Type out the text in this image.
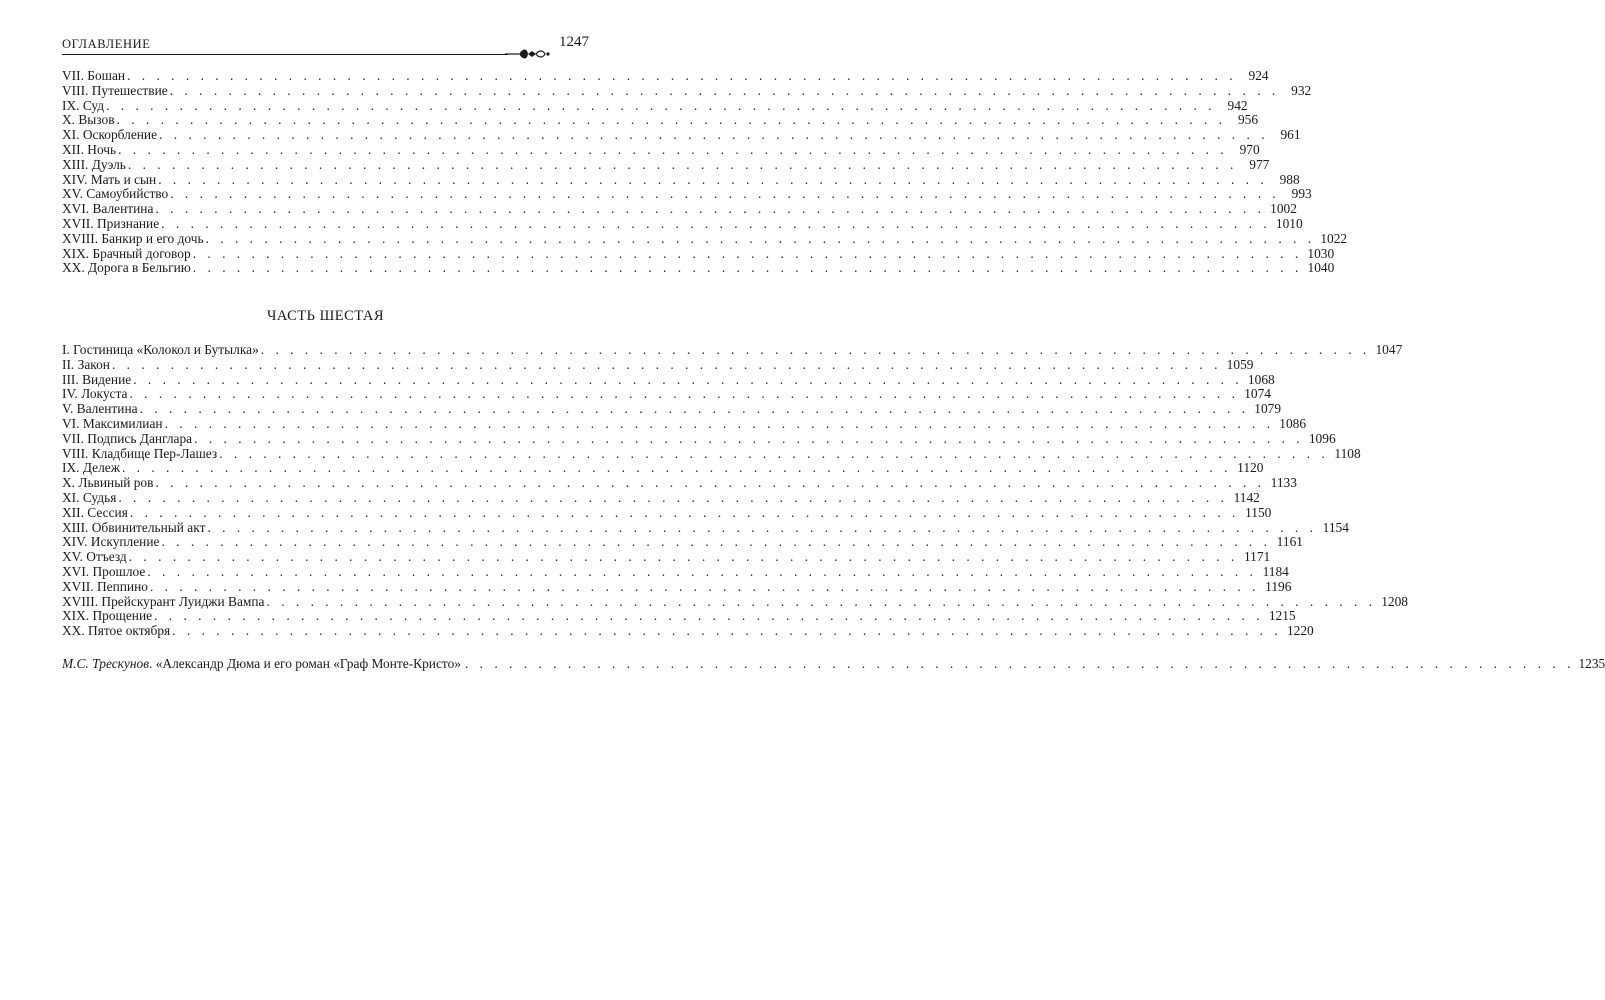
ОГЛАВЛЕНИЕ	1247
VII. Бошан . . . . . . . . . . . . . . . . . . . . . . . . . . . . . . . . . . . . . . . . . . . . . . . . . . . . . . . . . . . . . . . . . . . . . . . . . . . . 924
VIII. Путешествие . . . . . . . . . . . . . . . . . . . . . . . . . . . . . . . . . . . . . . . . . . . . . . . . . . . . . . . . . . . . . . . . . . . . . . . . . . . . 932
IX. Суд . . . . . . . . . . . . . . . . . . . . . . . . . . . . . . . . . . . . . . . . . . . . . . . . . . . . . . . . . . . . . . . . . . . . . . . . . . . . 942
X. Вызов . . . . . . . . . . . . . . . . . . . . . . . . . . . . . . . . . . . . . . . . . . . . . . . . . . . . . . . . . . . . . . . . . . . . . . . . . . . . 956
XI. Оскорбление . . . . . . . . . . . . . . . . . . . . . . . . . . . . . . . . . . . . . . . . . . . . . . . . . . . . . . . . . . . . . . . . . . . . . . . . . . . . 961
XII. Ночь . . . . . . . . . . . . . . . . . . . . . . . . . . . . . . . . . . . . . . . . . . . . . . . . . . . . . . . . . . . . . . . . . . . . . . . . . . . . 970
XIII. Дуэль . . . . . . . . . . . . . . . . . . . . . . . . . . . . . . . . . . . . . . . . . . . . . . . . . . . . . . . . . . . . . . . . . . . . . . . . . . . . 977
XIV. Мать и сын . . . . . . . . . . . . . . . . . . . . . . . . . . . . . . . . . . . . . . . . . . . . . . . . . . . . . . . . . . . . . . . . . . . . . . . . . . . . 988
XV. Самоубийство . . . . . . . . . . . . . . . . . . . . . . . . . . . . . . . . . . . . . . . . . . . . . . . . . . . . . . . . . . . . . . . . . . . . . . . . . . . . 993
XVI. Валентина . . . . . . . . . . . . . . . . . . . . . . . . . . . . . . . . . . . . . . . . . . . . . . . . . . . . . . . . . . . . . . . . . . . . . . . . . . . . 1002
XVII. Признание . . . . . . . . . . . . . . . . . . . . . . . . . . . . . . . . . . . . . . . . . . . . . . . . . . . . . . . . . . . . . . . . . . . . . . . . . . . . 1010
XVIII. Банкир и его дочь . . . . . . . . . . . . . . . . . . . . . . . . . . . . . . . . . . . . . . . . . . . . . . . . . . . . . . . . . . . . . . . . . . . . . . . . . . . . 1022
XIX. Брачный договор . . . . . . . . . . . . . . . . . . . . . . . . . . . . . . . . . . . . . . . . . . . . . . . . . . . . . . . . . . . . . . . . . . . . . . . . . . . . 1030
XX. Дорога в Бельгию . . . . . . . . . . . . . . . . . . . . . . . . . . . . . . . . . . . . . . . . . . . . . . . . . . . . . . . . . . . . . . . . . . . . . . . . . . . . 1040
ЧАСТЬ ШЕСТАЯ
I. Гостиница «Колокол и Бутылка» . . . . . . . . . . . . . . . . . . . . . . . . . . . . . . . . . . . . . . . . . . . . . . . . . . . . . . . . . . . . . . . . . . . . . . . . . . . . 1047
II. Закон . . . . . . . . . . . . . . . . . . . . . . . . . . . . . . . . . . . . . . . . . . . . . . . . . . . . . . . . . . . . . . . . . . . . . . . . . . . . 1059
III. Видение . . . . . . . . . . . . . . . . . . . . . . . . . . . . . . . . . . . . . . . . . . . . . . . . . . . . . . . . . . . . . . . . . . . . . . . . . . . . 1068
IV. Локуста . . . . . . . . . . . . . . . . . . . . . . . . . . . . . . . . . . . . . . . . . . . . . . . . . . . . . . . . . . . . . . . . . . . . . . . . . . . . 1074
V. Валентина . . . . . . . . . . . . . . . . . . . . . . . . . . . . . . . . . . . . . . . . . . . . . . . . . . . . . . . . . . . . . . . . . . . . . . . . . . . . 1079
VI. Максимилиан . . . . . . . . . . . . . . . . . . . . . . . . . . . . . . . . . . . . . . . . . . . . . . . . . . . . . . . . . . . . . . . . . . . . . . . . . . . . 1086
VII. Подпись Данглара . . . . . . . . . . . . . . . . . . . . . . . . . . . . . . . . . . . . . . . . . . . . . . . . . . . . . . . . . . . . . . . . . . . . . . . . . . . . 1096
VIII. Кладбище Пер-Лашез . . . . . . . . . . . . . . . . . . . . . . . . . . . . . . . . . . . . . . . . . . . . . . . . . . . . . . . . . . . . . . . . . . . . . . . . . . . . 1108
IX. Дележ . . . . . . . . . . . . . . . . . . . . . . . . . . . . . . . . . . . . . . . . . . . . . . . . . . . . . . . . . . . . . . . . . . . . . . . . . . . . 1120
X. Львиный ров . . . . . . . . . . . . . . . . . . . . . . . . . . . . . . . . . . . . . . . . . . . . . . . . . . . . . . . . . . . . . . . . . . . . . . . . . . . . 1133
XI. Судья . . . . . . . . . . . . . . . . . . . . . . . . . . . . . . . . . . . . . . . . . . . . . . . . . . . . . . . . . . . . . . . . . . . . . . . . . . . . 1142
XII. Сессия . . . . . . . . . . . . . . . . . . . . . . . . . . . . . . . . . . . . . . . . . . . . . . . . . . . . . . . . . . . . . . . . . . . . . . . . . . . . 1150
XIII. Обвинительный акт . . . . . . . . . . . . . . . . . . . . . . . . . . . . . . . . . . . . . . . . . . . . . . . . . . . . . . . . . . . . . . . . . . . . . . . . . . . . 1154
XIV. Искупление . . . . . . . . . . . . . . . . . . . . . . . . . . . . . . . . . . . . . . . . . . . . . . . . . . . . . . . . . . . . . . . . . . . . . . . . . . . . 1161
XV. Отъезд . . . . . . . . . . . . . . . . . . . . . . . . . . . . . . . . . . . . . . . . . . . . . . . . . . . . . . . . . . . . . . . . . . . . . . . . . . . . 1171
XVI. Прошлое . . . . . . . . . . . . . . . . . . . . . . . . . . . . . . . . . . . . . . . . . . . . . . . . . . . . . . . . . . . . . . . . . . . . . . . . . . . . 1184
XVII. Пеппино . . . . . . . . . . . . . . . . . . . . . . . . . . . . . . . . . . . . . . . . . . . . . . . . . . . . . . . . . . . . . . . . . . . . . . . . . . . . 1196
XVIII. Прейскурант Луиджи Вампа . . . . . . . . . . . . . . . . . . . . . . . . . . . . . . . . . . . . . . . . . . . . . . . . . . . . . . . . . . . . . . . . . . . . . . . . . . . . 1208
XIX. Прощение . . . . . . . . . . . . . . . . . . . . . . . . . . . . . . . . . . . . . . . . . . . . . . . . . . . . . . . . . . . . . . . . . . . . . . . . . . . . 1215
XX. Пятое октября . . . . . . . . . . . . . . . . . . . . . . . . . . . . . . . . . . . . . . . . . . . . . . . . . . . . . . . . . . . . . . . . . . . . . . . . . . . . 1220
М.С. Трескунов . «Александр Дюма и его роман «Граф Монте-Кристо» . . . . . . . . . . . . . . . . . . . . . . . . . . . . . . . . . . . . . . . . . . . . . . . . . . . . . . . . . . . . . . . . . . . . . . . . . . . . 1235
